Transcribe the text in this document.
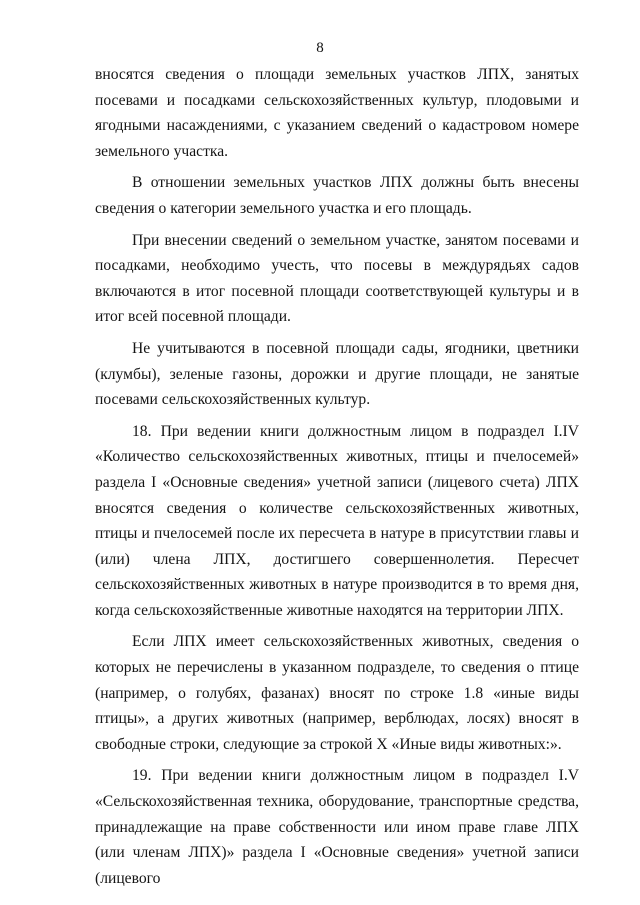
8

вносятся сведения о площади земельных участков ЛПХ, занятых посевами и посадками сельскохозяйственных культур, плодовыми и ягодными насаждениями, с указанием сведений о кадастровом номере земельного участка.

В отношении земельных участков ЛПХ должны быть внесены сведения о категории земельного участка и его площадь.

При внесении сведений о земельном участке, занятом посевами и посадками, необходимо учесть, что посевы в междурядьях садов включаются в итог посевной площади соответствующей культуры и в итог всей посевной площади.

Не учитываются в посевной площади сады, ягодники, цветники (клумбы), зеленые газоны, дорожки и другие площади, не занятые посевами сельскохозяйственных культур.

18. При ведении книги должностным лицом в подраздел I.IV «Количество сельскохозяйственных животных, птицы и пчелосемей» раздела I «Основные сведения» учетной записи (лицевого счета) ЛПХ вносятся сведения о количестве сельскохозяйственных животных, птицы и пчелосемей после их пересчета в натуре в присутствии главы и (или) члена ЛПХ, достигшего совершеннолетия. Пересчет сельскохозяйственных животных в натуре производится в то время дня, когда сельскохозяйственные животные находятся на территории ЛПХ.

Если ЛПХ имеет сельскохозяйственных животных, сведения о которых не перечислены в указанном подразделе, то сведения о птице (например, о голубях, фазанах) вносят по строке 1.8 «иные виды птицы», а других животных (например, верблюдах, лосях) вносят в свободные строки, следующие за строкой X «Иные виды животных:».

19. При ведении книги должностным лицом в подраздел I.V «Сельскохозяйственная техника, оборудование, транспортные средства, принадлежащие на праве собственности или ином праве главе ЛПХ (или членам ЛПХ)» раздела I «Основные сведения» учетной записи (лицевого
